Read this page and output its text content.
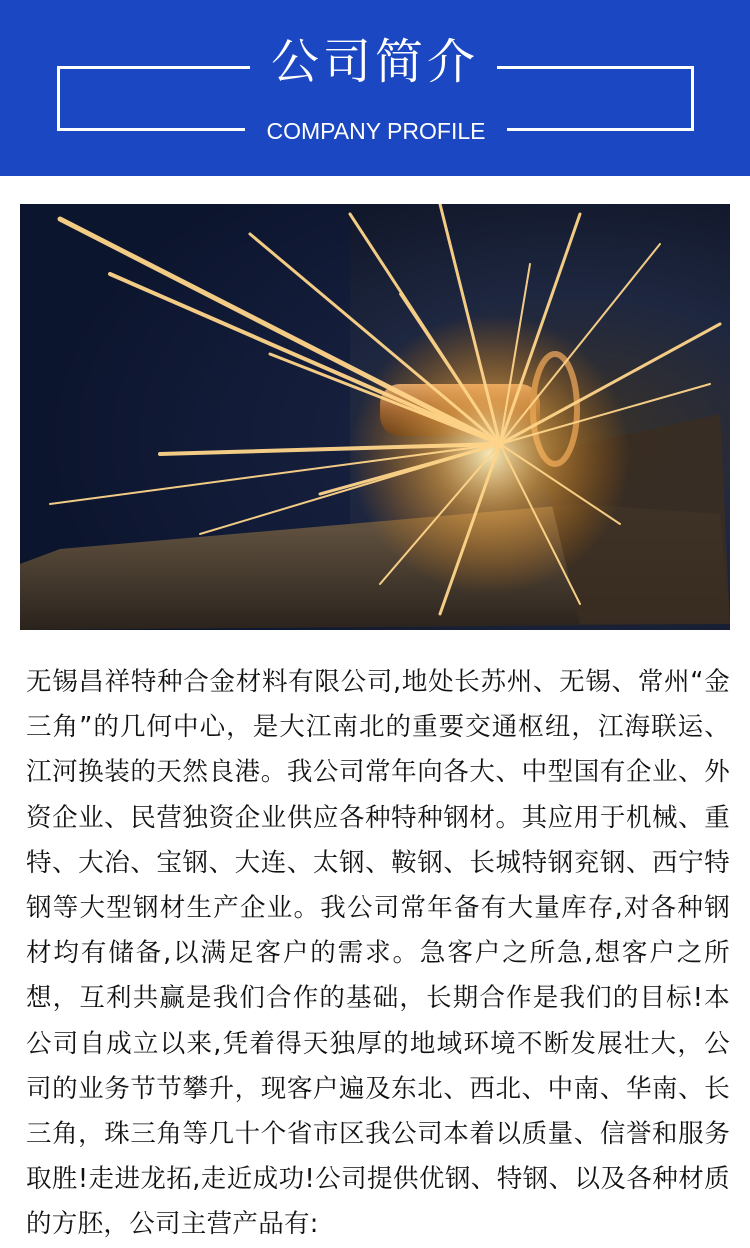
公司简介
COMPANY PROFILE
无锡昌祥特种合金材料有限公司,地处长苏州、无锡、常州“金三角”的几何中心，是大江南北的重要交通枢纽，江海联运、江河换装的天然良港。我公司常年向各大、中型国有企业、外资企业、民营独资企业供应各种特种钢材。其应用于机械、重特、大冶、宝钢、大连、太钢、鞍钢、长城特钢兖钢、西宁特钢等大型钢材生产企业。我公司常年备有大量库存,对各种钢材均有储备,以满足客户的需求。急客户之所急,想客户之所想，互利共赢是我们合作的基础，长期合作是我们的目标!本公司自成立以来,凭着得天独厚的地域环境不断发展壮大，公司的业务节节攀升，现客户遍及东北、西北、中南、华南、长三角，珠三角等几十个省市区我公司本着以质量、信誉和服务取胜!走进龙拓,走近成功!公司提供优钢、特钢、以及各种材质的方胚，公司主营产品有:
